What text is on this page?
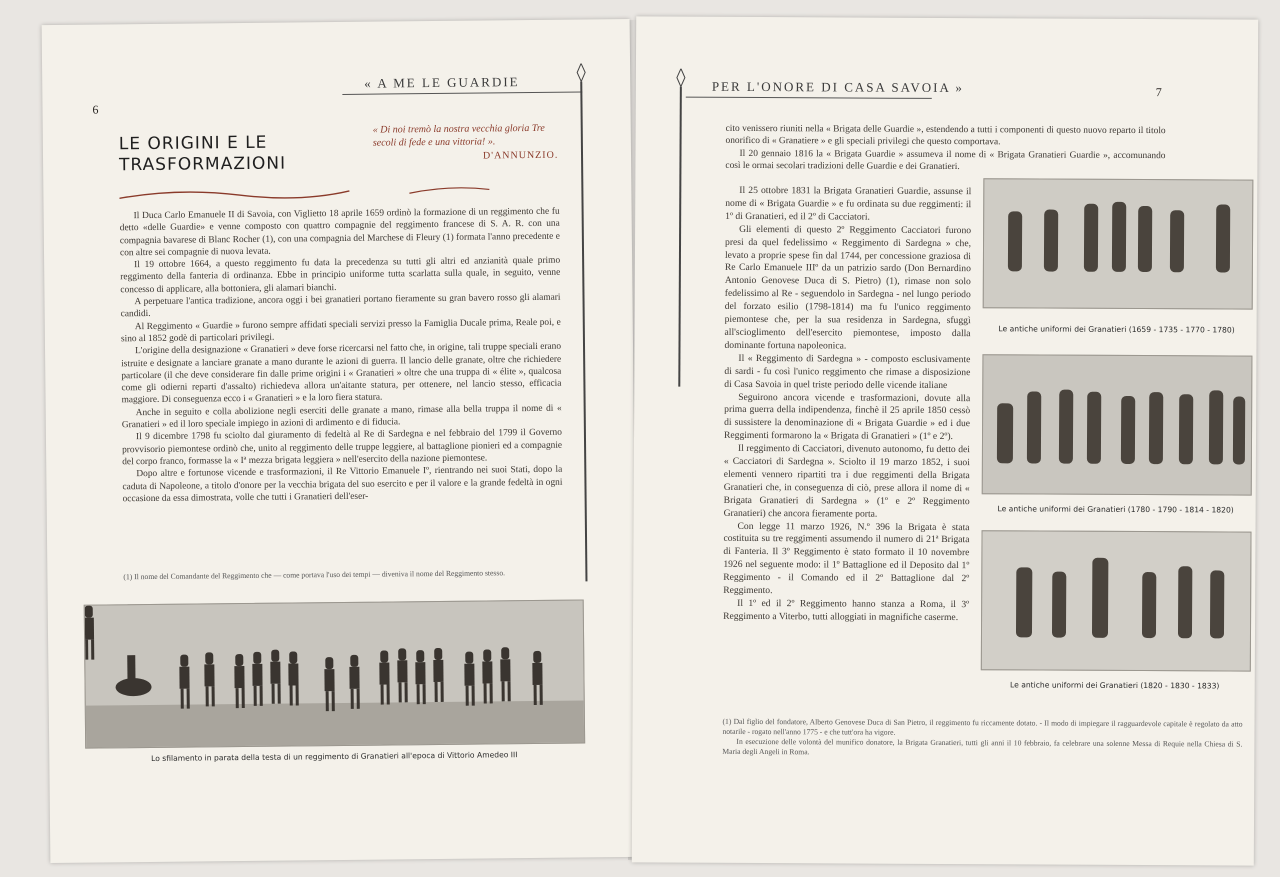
6
« A ME LE GUARDIE
LE ORIGINI E LE TRASFORMAZIONI
« Di noi tremò la nostra vecchia gloria Tre secoli di fede e una vittoria! ».
D'ANNUNZIO.

Il Duca Carlo Emanuele II di Savoia, con Viglietto 18 aprile 1659 ordinò la formazione di un reggimento che fu detto «delle Guardie» e venne composto con quattro compagnie del reggimento francese di S. A. R. con una compagnia bavarese di Blanc Rocher (1), con una compagnia del Marchese di Fleury (1) formata l'anno precedente e con altre sei compagnie di nuova levata.

Il 19 ottobre 1664, a questo reggimento fu data la precedenza su tutti gli altri ed anzianità quale primo reggimento della fanteria di ordinanza. Ebbe in principio uniforme tutta scarlatta sulla quale, in seguito, venne concesso di applicare, alla bottoniera, gli alamari bianchi.

A perpetuare l'antica tradizione, ancora oggi i bei granatieri portano fieramente su gran bavero rosso gli alamari candidi.

Al Reggimento « Guardie » furono sempre affidati speciali servizi presso la Famiglia Ducale prima, Reale poi, e sino al 1852 godè di particolari privilegi.

L'origine della designazione « Granatieri » deve forse ricercarsi nel fatto che, in origine, tali truppe speciali erano istruite e designate a lanciare granate a mano durante le azioni di guerra. Il lancio delle granate, oltre che richiedere particolare (il che deve considerare fin dalle prime origini i « Granatieri » oltre che una truppa di « élite », qualcosa come gli odierni reparti d'assalto) richiedeva allora un'aitante statura, per ottenere, nel lancio stesso, efficacia maggiore. Di conseguenza ecco i « Granatieri » e la loro fiera statura.

Anche in seguito e colla abolizione negli eserciti delle granate a mano, rimase alla bella truppa il nome di « Granatieri » ed il loro speciale impiego in azioni di ardimento e di fiducia.

Il 9 dicembre 1798 fu sciolto dal giuramento di fedeltà al Re di Sardegna e nel febbraio del 1799 il Governo provvisorio piemontese ordinò che, unito al reggimento delle truppe leggiere, al battaglione pionieri ed a compagnie del corpo franco, formasse la « Iª mezza brigata leggiera » nell'esercito della nazione piemontese.

Dopo altre e fortunose vicende e trasformazioni, il Re Vittorio Emanuele Iº, rientrando nei suoi Stati, dopo la caduta di Napoleone, a titolo d'onore per la vecchia brigata del suo esercito e per il valore e la grande fedeltà in ogni occasione da essa dimostrata, volle che tutti i Granatieri dell'eser-

(1) Il nome del Comandante del Reggimento che — come portava l'uso dei tempi — diveniva il nome del Reggimento stesso.
Lo sfilamento in parata della testa di un reggimento di Granatieri all'epoca di Vittorio Amedeo III
PER L'ONORE DI CASA SAVOIA »	7

cito venissero riuniti nella « Brigata delle Guardie », estendendo a tutti i componenti di questo nuovo reparto il titolo onorifico di « Granatiere » e gli speciali privilegi che questo comportava.

Il 20 gennaio 1816 la « Brigata Guardie » assumeva il nome di « Brigata Granatieri Guardie », accomunando così le ormai secolari tradizioni delle Guardie e dei Granatieri.

Il 25 ottobre 1831 la Brigata Granatieri Guardie, assunse il nome di « Brigata Guardie » e fu ordinata su due reggimenti: il 1º di Granatieri, ed il 2º di Cacciatori.

Gli elementi di questo 2º Reggimento Cacciatori furono presi da quel fedelissimo « Reggimento di Sardegna » che, levato a proprie spese fin dal 1744, per concessione graziosa di Re Carlo Emanuele IIIº da un patrizio sardo (Don Bernardino Antonio Genovese Duca di S. Pietro) (1), rimase non solo fedelissimo al Re - seguendolo in Sardegna - nel lungo periodo del forzato esilio (1798-1814) ma fu l'unico reggimento piemontese che, per la sua residenza in Sardegna, sfuggì all'scioglimento dell'esercito piemontese, imposto dalla dominante fortuna napoleonica.

Il « Reggimento di Sardegna » - composto esclusivamente di sardi - fu così l'unico reggimento che rimase a disposizione di Casa Savoia in quel triste periodo delle vicende italiane

Seguirono ancora vicende e trasformazioni, dovute alla prima guerra della indipendenza, finchè il 25 aprile 1850 cessò di sussistere la denominazione di « Brigata Guardie » ed i due Reggimenti formarono la « Brigata di Granatieri » (1º e 2º).

Il reggimento di Cacciatori, divenuto autonomo, fu detto dei « Cacciatori di Sardegna ». Sciolto il 19 marzo 1852, i suoi elementi vennero ripartiti tra i due reggimenti della Brigata Granatieri che, in conseguenza di ciò, prese allora il nome di « Brigata Granatieri di Sardegna » (1º e 2º Reggimento Granatieri) che ancora fieramente porta.

Con legge 11 marzo 1926, N.º 396 la Brigata è stata costituita su tre reggimenti assumendo il numero di 21ª Brigata di Fanteria. Il 3º Reggimento è stato formato il 10 novembre 1926 nel seguente modo: il 1º Battaglione ed il Deposito dal 1º Reggimento - il Comando ed il 2º Battaglione dal 2º Reggimento.

Il 1º ed il 2º Reggimento hanno stanza a Roma, il 3º Reggimento a Viterbo, tutti alloggiati in magnifiche caserme.

Le antiche uniformi dei Granatieri (1659 - 1735 - 1770 - 1780)
Le antiche uniformi dei Granatieri (1780 - 1790 - 1814 - 1820)
Le antiche uniformi dei Granatieri (1820 - 1830 - 1833)
(1) Dal figlio del fondatore, Alberto Genovese Duca di San Pietro, il reggimento fu riccamente dotato. - Il modo di impiegare il ragguardevole capitale è regolato da atto notarile - rogato nell'anno 1775 - e che tutt'ora ha vigore.
In esecuzione delle volontà del munifico donatore, la Brigata Granatieri, tutti gli anni il 10 febbraio, fa celebrare una solenne Messa di Requie nella Chiesa di S. Maria degli Angeli in Roma.
